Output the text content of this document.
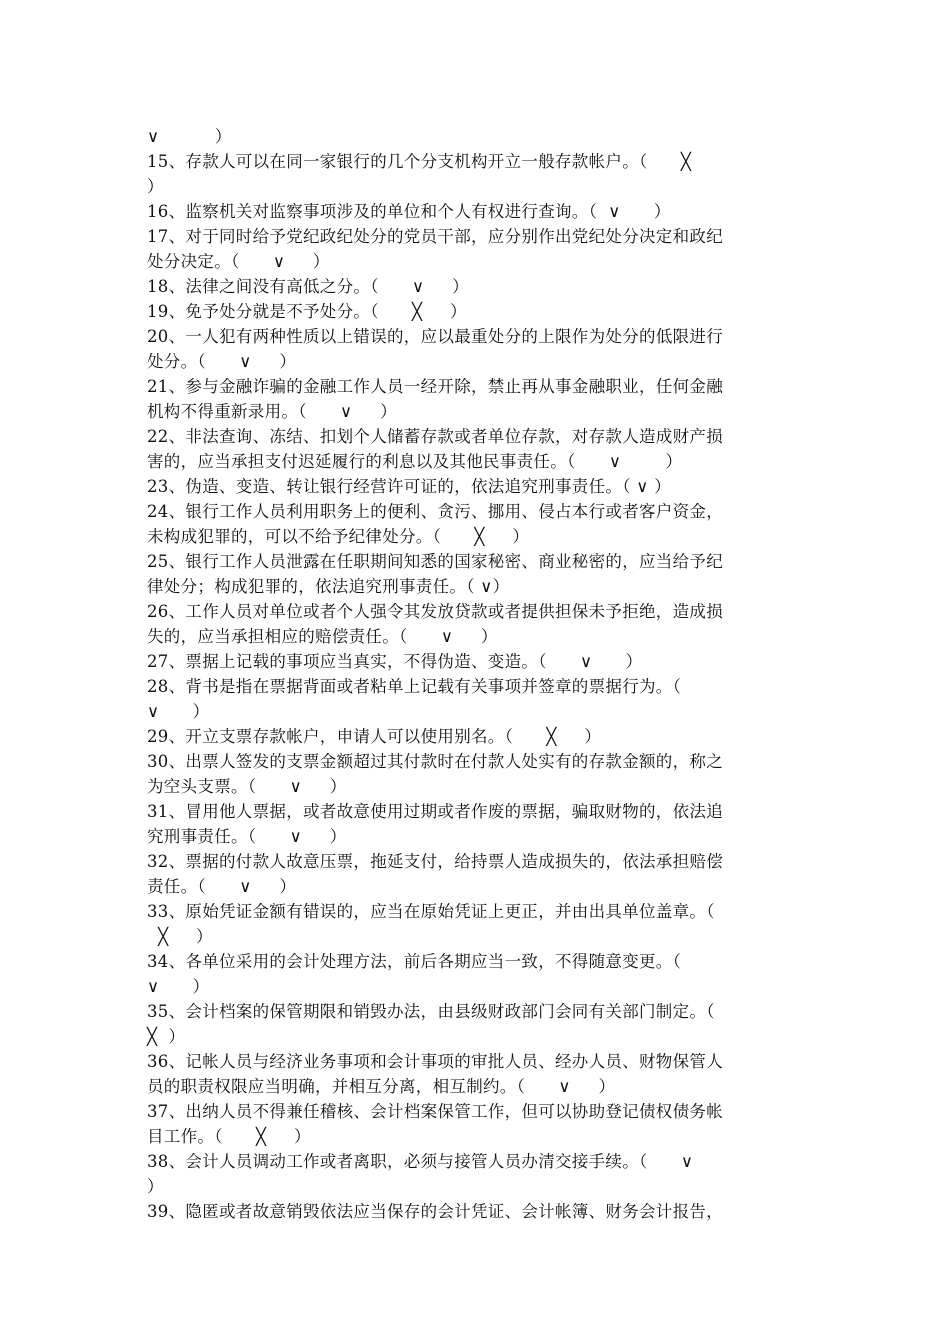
∨          ）
15、存款人可以在同一家银行的几个分支机构开立一般存款帐户。（      ╳
）
16、监察机关对监察事项涉及的单位和个人有权进行查询。（  ∨      ）
17、对于同时给予党纪政纪处分的党员干部，应分别作出党纪处分决定和政纪
处分决定。（      ∨     ）
18、法律之间没有高低之分。（      ∨     ）
19、免予处分就是不予处分。（      ╳     ）
20、一人犯有两种性质以上错误的，应以最重处分的上限作为处分的低限进行
处分。（      ∨     ）
21、参与金融诈骗的金融工作人员一经开除，禁止再从事金融职业，任何金融
机构不得重新录用。（      ∨     ）
22、非法查询、冻结、扣划个人储蓄存款或者单位存款，对存款人造成财产损
害的，应当承担支付迟延履行的利息以及其他民事责任。（      ∨        ）
23、伪造、变造、转让银行经营许可证的，依法追究刑事责任。（ ∨ ）
24、银行工作人员利用职务上的便利、贪污、挪用、侵占本行或者客户资金，
未构成犯罪的，可以不给予纪律处分。（      ╳     ）
25、银行工作人员泄露在任职期间知悉的国家秘密、商业秘密的，应当给予纪
律处分；构成犯罪的，依法追究刑事责任。（ ∨）
26、工作人员对单位或者个人强令其发放贷款或者提供担保未予拒绝，造成损
失的，应当承担相应的赔偿责任。（      ∨     ）
27、票据上记载的事项应当真实，不得伪造、变造。（      ∨      ）
28、背书是指在票据背面或者粘单上记载有关事项并签章的票据行为。（
∨      ）
29、开立支票存款帐户，申请人可以使用别名。（      ╳     ）
30、出票人签发的支票金额超过其付款时在付款人处实有的存款金额的，称之
为空头支票。（      ∨     ）
31、冒用他人票据，或者故意使用过期或者作废的票据，骗取财物的，依法追
究刑事责任。（      ∨     ）
32、票据的付款人故意压票，拖延支付，给持票人造成损失的，依法承担赔偿
责任。（      ∨     ）
33、原始凭证金额有错误的，应当在原始凭证上更正，并由出具单位盖章。（
╳     ）
34、各单位采用的会计处理方法，前后各期应当一致，不得随意变更。（
∨      ）
35、会计档案的保管期限和销毁办法，由县级财政部门会同有关部门制定。（
╳  ）
36、记帐人员与经济业务事项和会计事项的审批人员、经办人员、财物保管人
员的职责权限应当明确，并相互分离，相互制约。（      ∨     ）
37、出纳人员不得兼任稽核、会计档案保管工作，但可以协助登记债权债务帐
目工作。（      ╳     ）
38、会计人员调动工作或者离职，必须与接管人员办清交接手续。（      ∨
）
39、隐匿或者故意销毁依法应当保存的会计凭证、会计帐簿、财务会计报告，
